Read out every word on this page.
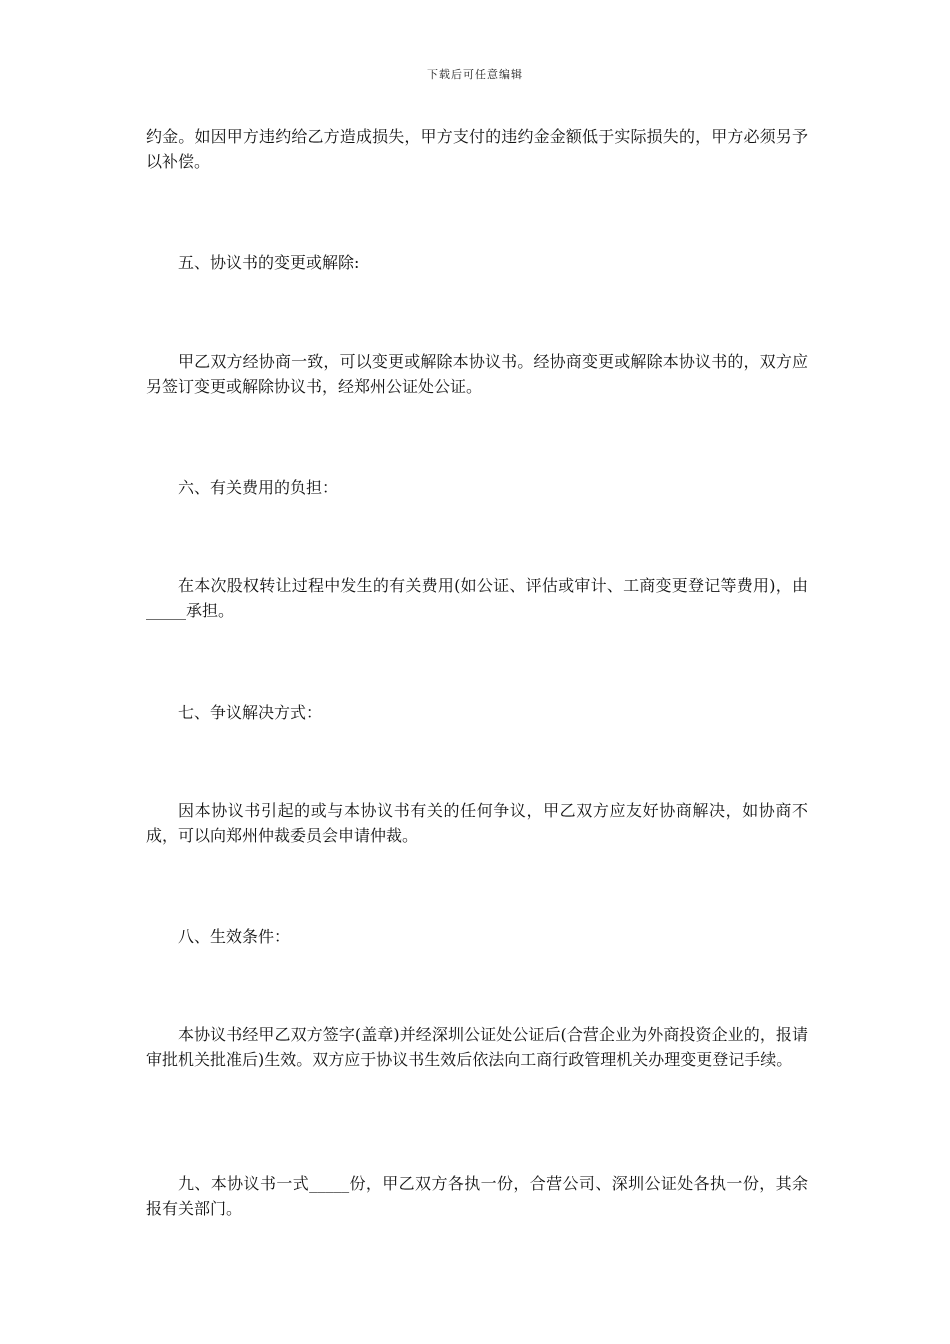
下载后可任意编辑

约金。如因甲方违约给乙方造成损失，甲方支付的违约金金额低于实际损失的，甲方必须另予以补偿。

五、协议书的变更或解除:

甲乙双方经协商一致，可以变更或解除本协议书。经协商变更或解除本协议书的，双方应另签订变更或解除协议书，经郑州公证处公证。

六、有关费用的负担：

在本次股权转让过程中发生的有关费用(如公证、评估或审计、工商变更登记等费用)，由_____承担。

七、争议解决方式：

因本协议书引起的或与本协议书有关的任何争议，甲乙双方应友好协商解决，如协商不成，可以向郑州仲裁委员会申请仲裁。

八、生效条件：

本协议书经甲乙双方签字(盖章)并经深圳公证处公证后(合营企业为外商投资企业的，报请审批机关批准后)生效。双方应于协议书生效后依法向工商行政管理机关办理变更登记手续。

九、本协议书一式_____份，甲乙双方各执一份，合营公司、深圳公证处各执一份，其余报有关部门。
